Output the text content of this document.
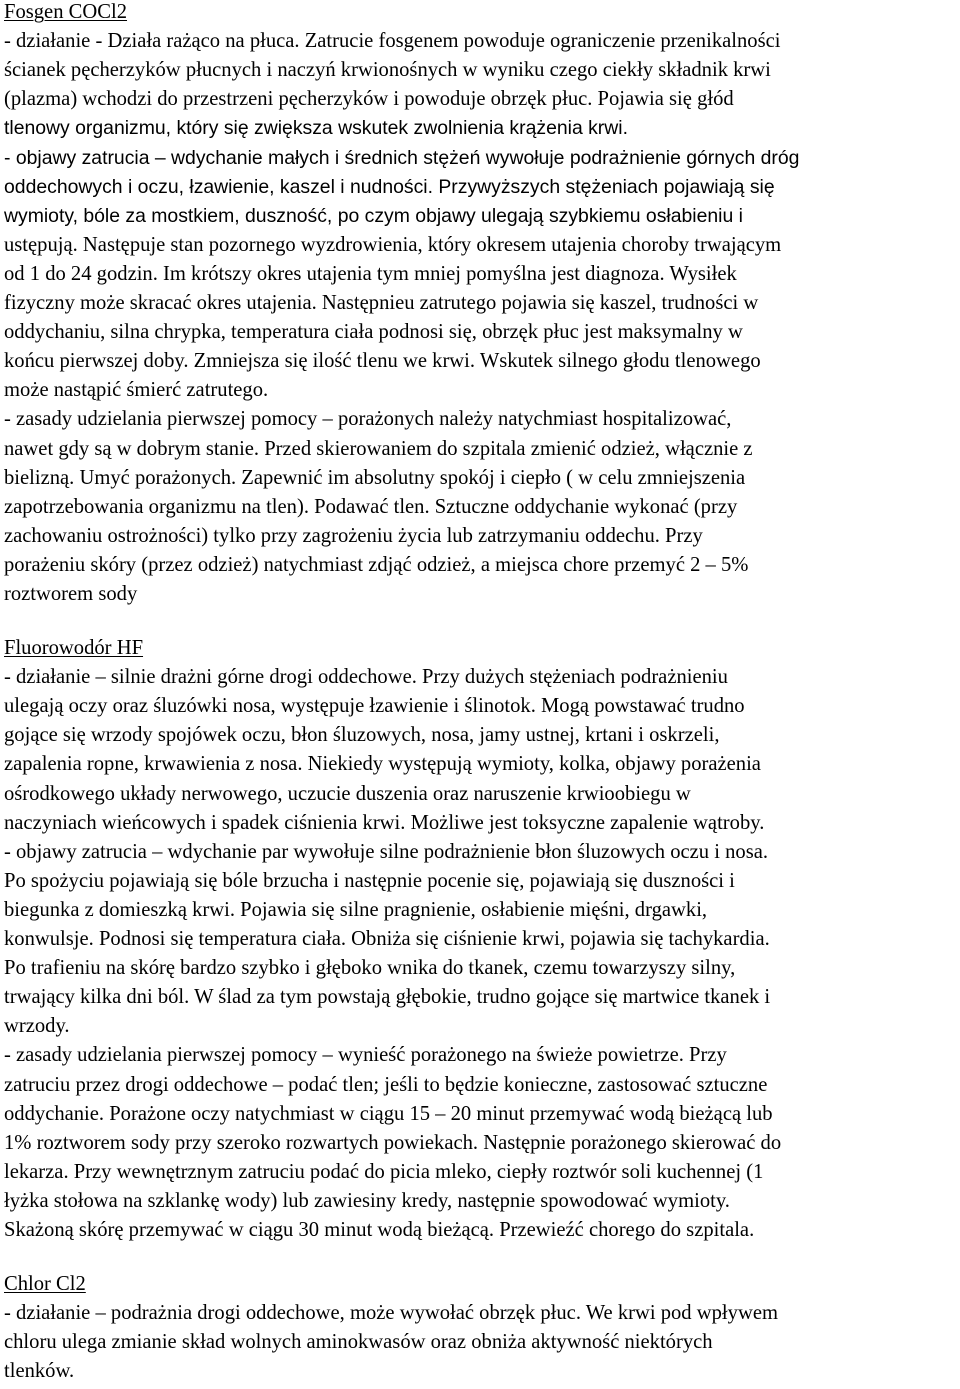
Fosgen COCl2
- działanie - Działa rażąco na płuca. Zatrucie fosgenem powoduje ograniczenie przenikalności
ścianek pęcherzyków płucnych i naczyń krwionośnych w wyniku czego ciekły składnik krwi
(plazma) wchodzi do przestrzeni pęcherzyków i powoduje obrzęk płuc. Pojawia się głód
tlenowy organizmu, który się zwiększa wskutek zwolnienia krążenia krwi.
- objawy zatrucia – wdychanie małych i średnich stężeń wywołuje podrażnienie górnych dróg
oddechowych i oczu, łzawienie, kaszel i nudności. Przywyższych stężeniach pojawiają się
wymioty, bóle za mostkiem, duszność, po czym objawy ulegają szybkiemu osłabieniu i
ustępują. Następuje stan pozornego wyzdrowienia, który okresem utajenia choroby trwającym
od 1 do 24 godzin. Im krótszy okres utajenia tym mniej pomyślna jest diagnoza. Wysiłek
fizyczny może skracać okres utajenia. Następnieu zatrutego pojawia się kaszel, trudności w
oddychaniu, silna chrypka, temperatura ciała podnosi się, obrzęk płuc jest maksymalny w
końcu pierwszej doby. Zmniejsza się ilość tlenu we krwi. Wskutek silnego głodu tlenowego
może nastąpić śmierć zatrutego.
- zasady udzielania pierwszej pomocy – porażonych należy natychmiast hospitalizować,
nawet gdy są w dobrym stanie. Przed skierowaniem do szpitala zmienić odzież, włącznie z
bielizną. Umyć porażonych. Zapewnić im absolutny spokój i ciepło ( w celu zmniejszenia
zapotrzebowania organizmu na tlen). Podawać tlen. Sztuczne oddychanie wykonać (przy
zachowaniu ostrożności) tylko przy zagrożeniu życia lub zatrzymaniu oddechu. Przy
porażeniu skóry (przez odzież) natychmiast zdjąć odzież, a miejsca chore przemyć 2 – 5%
roztworem sody
Fluorowodór HF
- działanie – silnie drażni górne drogi oddechowe. Przy dużych stężeniach podrażnieniu
ulegają oczy oraz śluzówki nosa, występuje łzawienie i ślinotok. Mogą powstawać trudno
gojące się wrzody spojówek oczu, błon śluzowych, nosa, jamy ustnej, krtani i oskrzeli,
zapalenia ropne, krwawienia z nosa. Niekiedy występują wymioty, kolka, objawy porażenia
ośrodkowego układy nerwowego, uczucie duszenia oraz naruszenie krwioobiegu w
naczyniach wieńcowych i spadek ciśnienia krwi. Możliwe jest toksyczne zapalenie wątroby.
- objawy zatrucia – wdychanie par wywołuje silne podrażnienie błon śluzowych oczu i nosa.
Po spożyciu pojawiają się bóle brzucha i następnie pocenie się, pojawiają się duszności i
biegunka z domieszką krwi. Pojawia się silne pragnienie, osłabienie mięśni, drgawki,
konwulsje. Podnosi się temperatura ciała. Obniża się ciśnienie krwi, pojawia się tachykardia.
Po trafieniu na skórę bardzo szybko i głęboko wnika do tkanek, czemu towarzyszy silny,
trwający kilka dni ból. W ślad za tym powstają głębokie, trudno gojące się martwice tkanek i
wrzody.
- zasady udzielania pierwszej pomocy – wynieść porażonego na świeże powietrze. Przy
zatruciu przez drogi oddechowe – podać tlen; jeśli to będzie konieczne, zastosować sztuczne
oddychanie. Porażone oczy natychmiast w ciągu 15 – 20 minut przemywać wodą bieżącą lub
1% roztworem sody przy szeroko rozwartych powiekach. Następnie porażonego skierować do
lekarza. Przy wewnętrznym zatruciu podać do picia mleko, ciepły roztwór soli kuchennej (1
łyżka stołowa na szklankę wody) lub zawiesiny kredy, następnie spowodować wymioty.
Skażoną skórę przemywać w ciągu 30 minut wodą bieżącą. Przewieźć chorego do szpitala.
Chlor Cl2
- działanie – podrażnia drogi oddechowe, może wywołać obrzęk płuc. We krwi pod wpływem
chloru ulega zmianie skład wolnych aminokwasów oraz obniża aktywność niektórych
tlenków.
